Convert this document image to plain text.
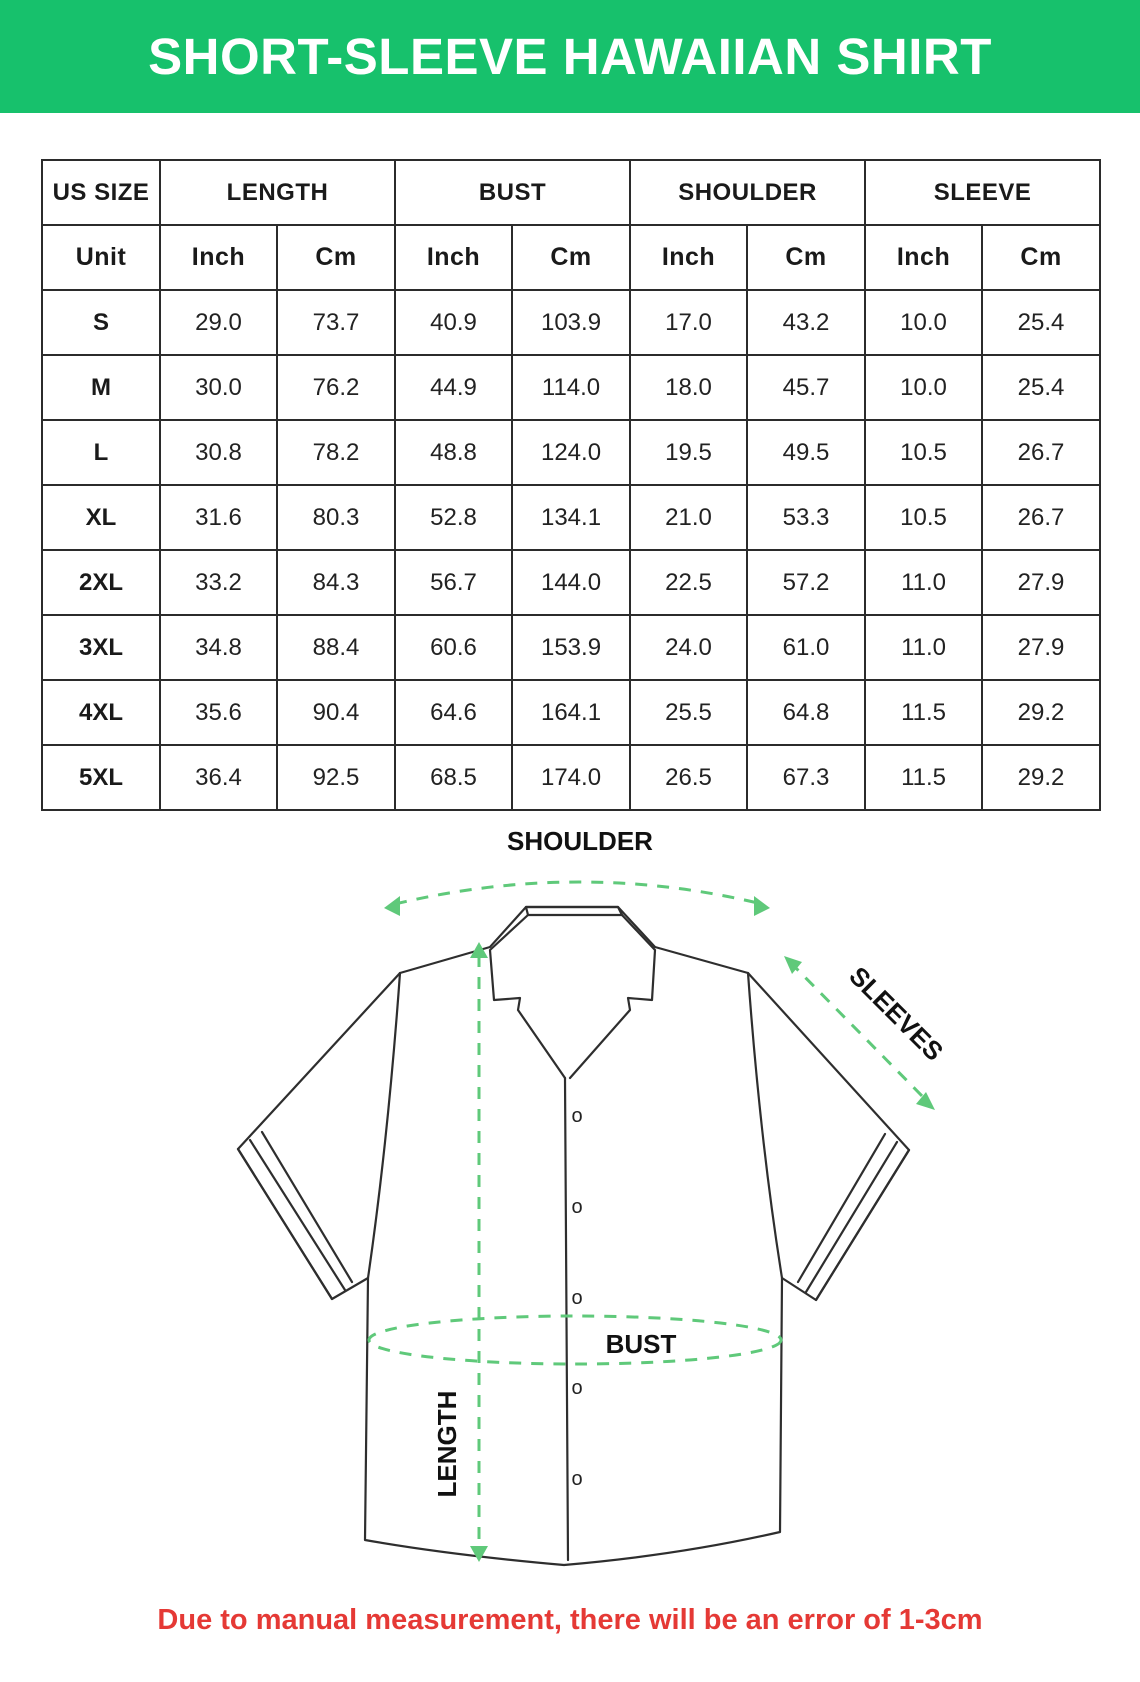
SHORT-SLEEVE HAWAIIAN SHIRT
US SIZE	LENGTH		BUST		SHOULDER		SLEEVE	
Unit	Inch	Cm	Inch	Cm	Inch	Cm	Inch	Cm
S	29.0	73.7	40.9	103.9	17.0	43.2	10.0	25.4
M	30.0	76.2	44.9	114.0	18.0	45.7	10.0	25.4
L	30.8	78.2	48.8	124.0	19.5	49.5	10.5	26.7
XL	31.6	80.3	52.8	134.1	21.0	53.3	10.5	26.7
2XL	33.2	84.3	56.7	144.0	22.5	57.2	11.0	27.9
3XL	34.8	88.4	60.6	153.9	24.0	61.0	11.0	27.9
4XL	35.6	90.4	64.6	164.1	25.5	64.8	11.5	29.2
5XL	36.4	92.5	68.5	174.0	26.5	67.3	11.5	29.2
o
o
o
o
o
SHOULDER
SLEEVES
BUST
LENGTH
Due to manual measurement, there will be an error of 1-3cm
